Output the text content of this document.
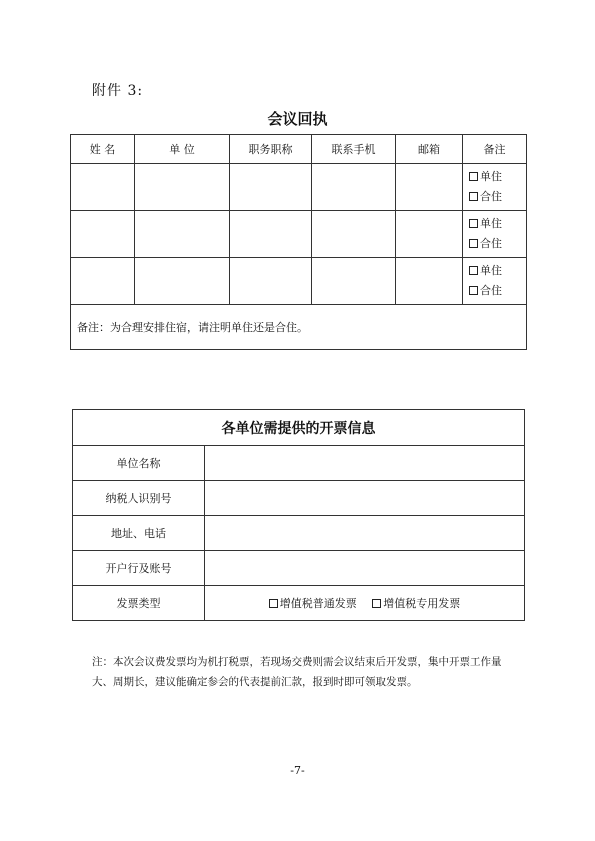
附件 3:
会议回执
姓 名	单 位	职务职称	联系手机	邮箱	备注

					单住
合住

					单住
合住

					单住
合住

备注：为合理安排住宿，请注明单住还是合住。					
各单位需提供的开票信息	
单位名称	
纳税人识别号	
地址、电话	
开户行及账号	
发票类型	增值税普通发票 增值税专用发票
注：本次会议费发票均为机打税票，若现场交费则需会议结束后开发票，集中开票工作量大、周期长，建议能确定参会的代表提前汇款，报到时即可领取发票。
-7-
